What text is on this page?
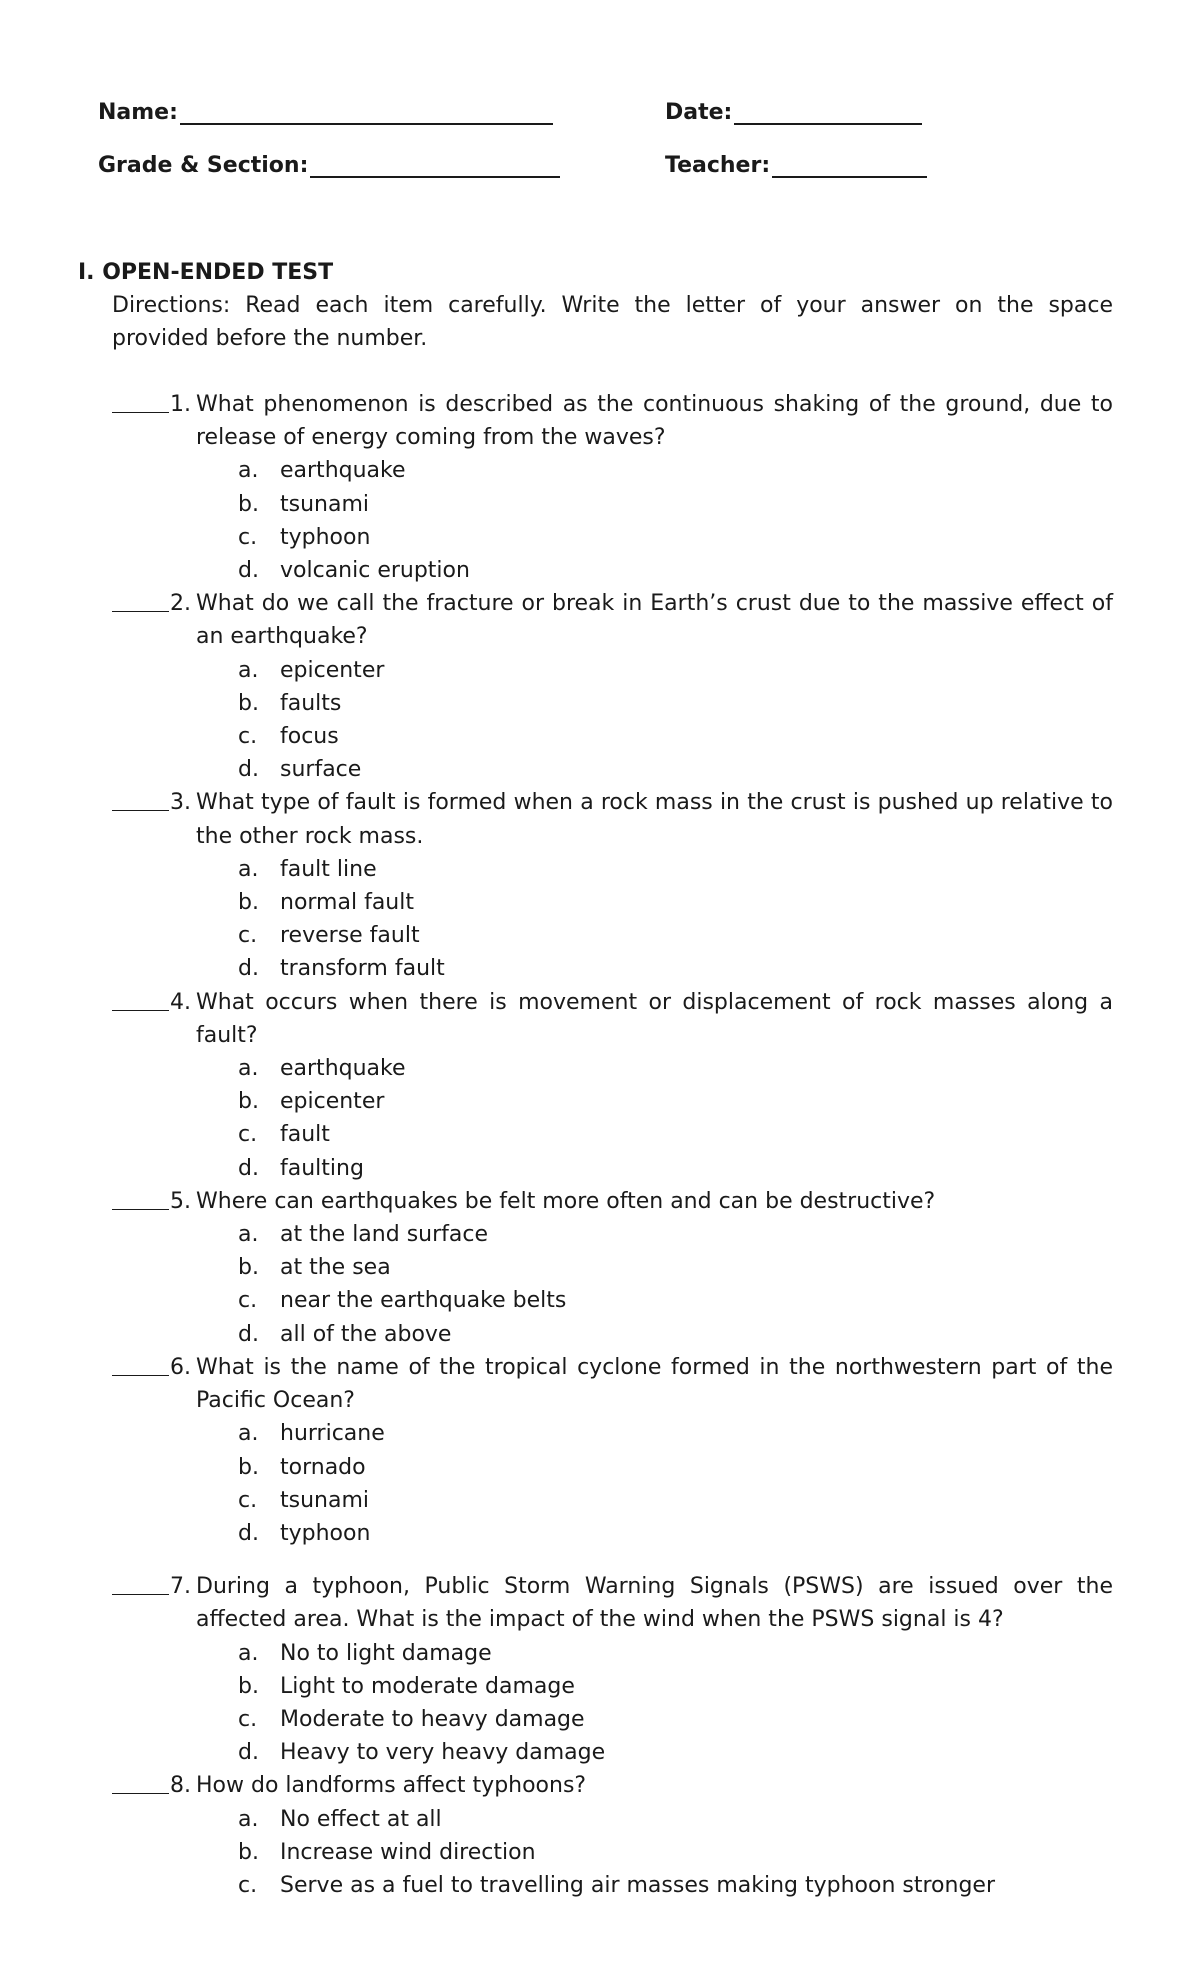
Name:	Date:
Grade & Section:	Teacher:
I. OPEN-ENDED TEST
Directions: Read each item carefully. Write the letter of your answer on the space provided before the number.
1. What phenomenon is described as the continuous shaking of the ground, due to release of energy coming from the waves?
a. earthquake
b. tsunami
c. typhoon
d. volcanic eruption
2. What do we call the fracture or break in Earth’s crust due to the massive effect of an earthquake?
a. epicenter
b. faults
c. focus
d. surface
3. What type of fault is formed when a rock mass in the crust is pushed up relative to the other rock mass.
a. fault line
b. normal fault
c. reverse fault
d. transform fault
4. What occurs when there is movement or displacement of rock masses along a fault?
a. earthquake
b. epicenter
c. fault
d. faulting
5. Where can earthquakes be felt more often and can be destructive?
a. at the land surface
b. at the sea
c. near the earthquake belts
d. all of the above
6. What is the name of the tropical cyclone formed in the northwestern part of the Pacific Ocean?
a. hurricane
b. tornado
c. tsunami
d. typhoon
7. During a typhoon, Public Storm Warning Signals (PSWS) are issued over the affected area. What is the impact of the wind when the PSWS signal is 4?
a. No to light damage
b. Light to moderate damage
c. Moderate to heavy damage
d. Heavy to very heavy damage
8. How do landforms affect typhoons?
a. No effect at all
b. Increase wind direction
c. Serve as a fuel to travelling air masses making typhoon stronger
